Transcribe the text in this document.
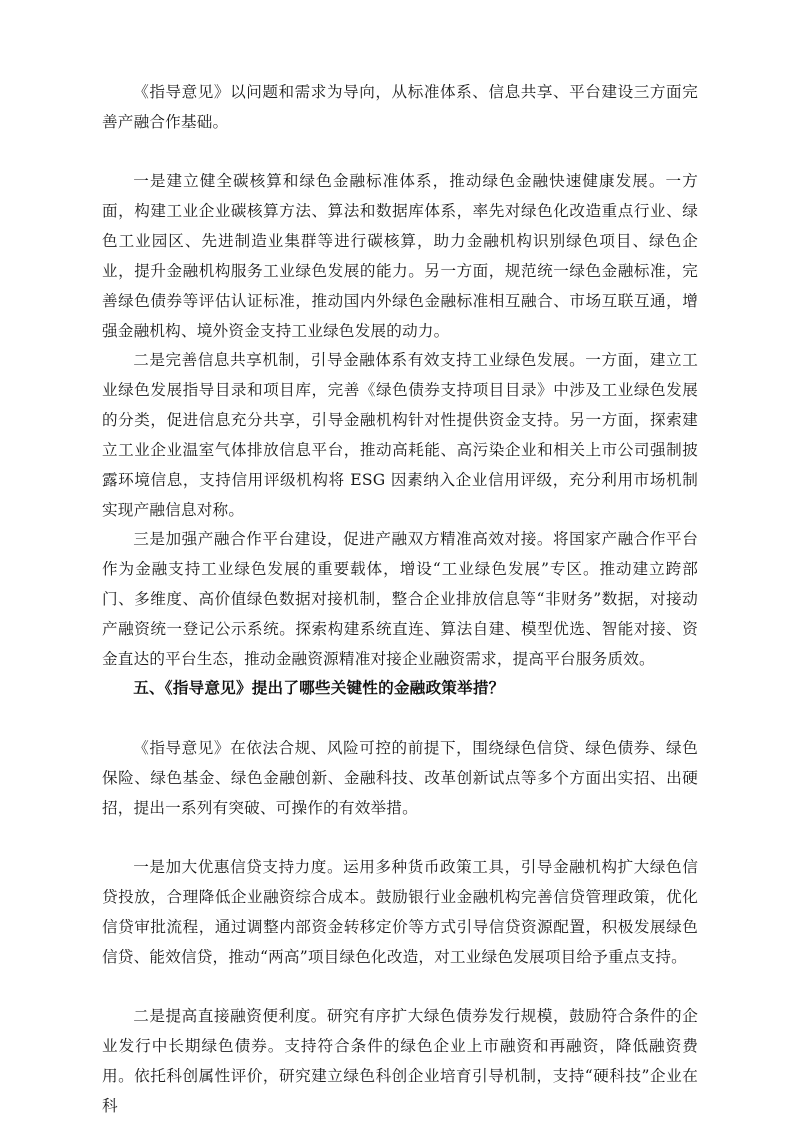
《指导意见》以问题和需求为导向，从标准体系、信息共享、平台建设三方面完善产融合作基础。

一是建立健全碳核算和绿色金融标准体系，推动绿色金融快速健康发展。一方面，构建工业企业碳核算方法、算法和数据库体系，率先对绿色化改造重点行业、绿色工业园区、先进制造业集群等进行碳核算，助力金融机构识别绿色项目、绿色企业，提升金融机构服务工业绿色发展的能力。另一方面，规范统一绿色金融标准，完善绿色债券等评估认证标准，推动国内外绿色金融标准相互融合、市场互联互通，增强金融机构、境外资金支持工业绿色发展的动力。

二是完善信息共享机制，引导金融体系有效支持工业绿色发展。一方面，建立工业绿色发展指导目录和项目库，完善《绿色债券支持项目目录》中涉及工业绿色发展的分类，促进信息充分共享，引导金融机构针对性提供资金支持。另一方面，探索建立工业企业温室气体排放信息平台，推动高耗能、高污染企业和相关上市公司强制披露环境信息，支持信用评级机构将 ESG 因素纳入企业信用评级，充分利用市场机制实现产融信息对称。

三是加强产融合作平台建设，促进产融双方精准高效对接。将国家产融合作平台作为金融支持工业绿色发展的重要载体，增设“工业绿色发展”专区。推动建立跨部门、多维度、高价值绿色数据对接机制，整合企业排放信息等“非财务”数据，对接动产融资统一登记公示系统。探索构建系统直连、算法自建、模型优选、智能对接、资金直达的平台生态，推动金融资源精准对接企业融资需求，提高平台服务质效。

五、《指导意见》提出了哪些关键性的金融政策举措？

《指导意见》在依法合规、风险可控的前提下，围绕绿色信贷、绿色债券、绿色保险、绿色基金、绿色金融创新、金融科技、改革创新试点等多个方面出实招、出硬招，提出一系列有突破、可操作的有效举措。

一是加大优惠信贷支持力度。运用多种货币政策工具，引导金融机构扩大绿色信贷投放，合理降低企业融资综合成本。鼓励银行业金融机构完善信贷管理政策，优化信贷审批流程，通过调整内部资金转移定价等方式引导信贷资源配置，积极发展绿色信贷、能效信贷，推动“两高”项目绿色化改造，对工业绿色发展项目给予重点支持。

二是提高直接融资便利度。研究有序扩大绿色债券发行规模，鼓励符合条件的企业发行中长期绿色债券。支持符合条件的绿色企业上市融资和再融资，降低融资费用。依托科创属性评价，研究建立绿色科创企业培育引导机制，支持“硬科技”企业在科
